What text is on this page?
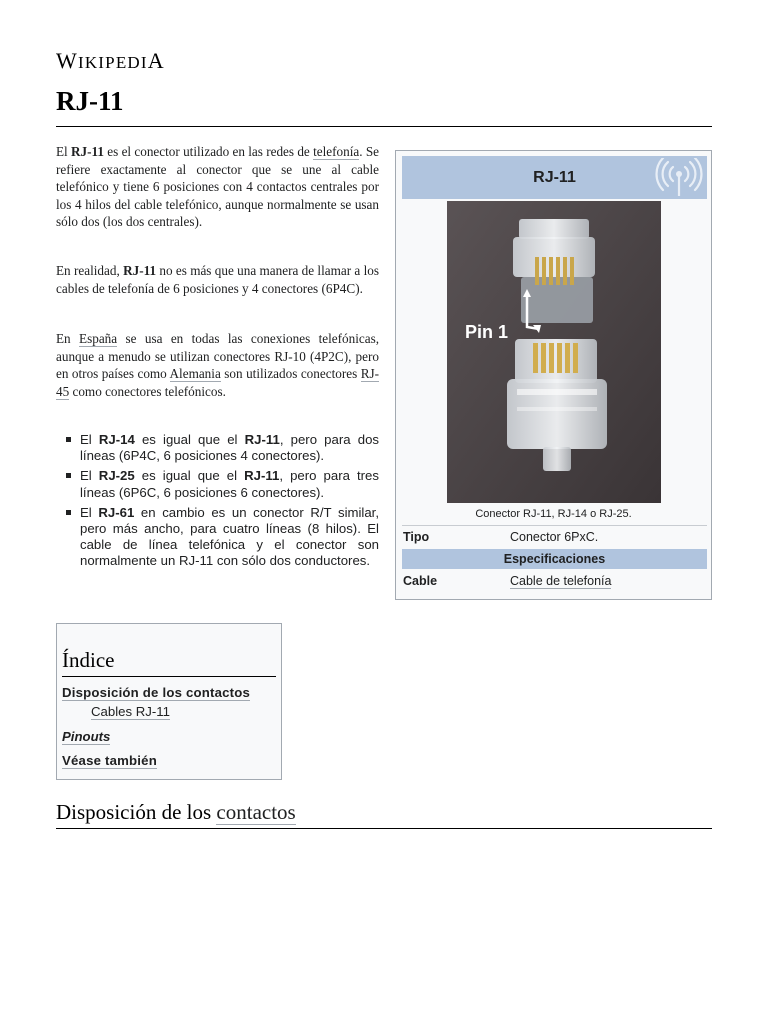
WIKIPEDIA
RJ-11

El RJ-11 es el conector utilizado en las redes de telefonía. Se refiere exactamente al conector que se une al cable telefónico y tiene 6 posiciones con 4 contactos centrales por los 4 hilos del cable telefónico, aunque normalmente se usan sólo dos (los dos centrales).

En realidad, RJ-11 no es más que una manera de llamar a los cables de telefonía de 6 posiciones y 4 conectores (6P4C).

En España se usa en todas las conexiones telefónicas, aunque a menudo se utilizan conectores RJ-10 (4P2C), pero en otros países como Alemania son utilizados conectores RJ-45 como conectores telefónicos.

El RJ-14 es igual que el RJ-11, pero para dos líneas (6P4C, 6 posiciones 4 conectores).
El RJ-25 es igual que el RJ-11, pero para tres líneas (6P6C, 6 posiciones 6 conectores).
El RJ-61 en cambio es un conector R/T similar, pero más ancho, para cuatro líneas (8 hilos). El cable de línea telefónica y el conector son normalmente un RJ-11 con sólo dos conductores.
RJ-11
Pin 1
Conector RJ-11, RJ-14 o RJ-25.
Tipo	Conector 6PxC.
Especificaciones
Cable	Cable de telefonía
Índice
Disposición de los contactos
Cables RJ-11
Pinouts
Véase también
Disposición de los contactos
